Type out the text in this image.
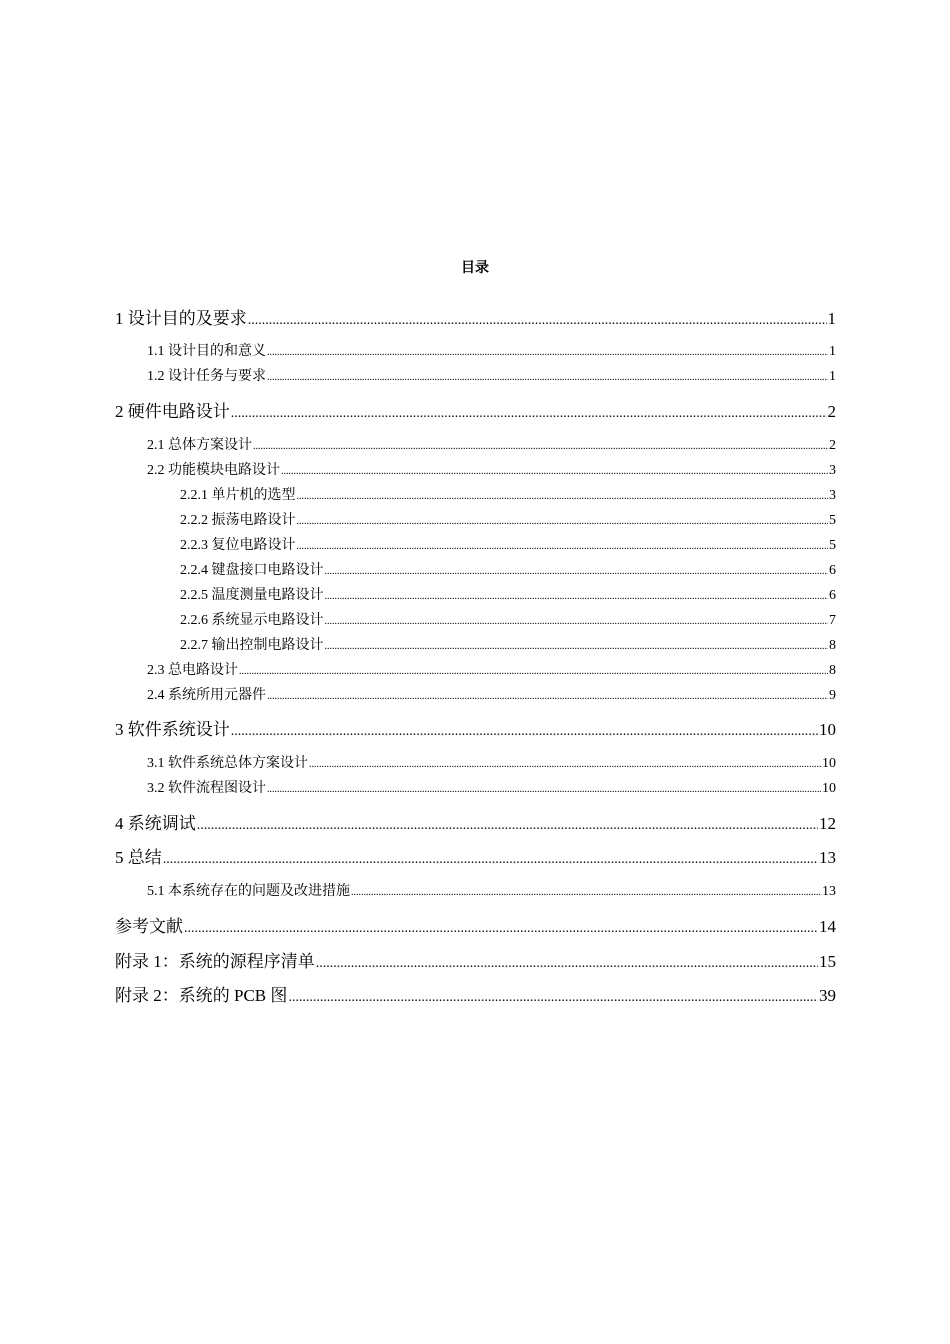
目录
1 设计目的及要求 .....	1
1.1 设计目的和意义 .....	1
1.2 设计任务与要求 .....	1
2 硬件电路设计 .....	2
2.1 总体方案设计 .....	2
2.2 功能模块电路设计 .....	3
2.2.1 单片机的选型 .....	3
2.2.2 振荡电路设计 .....	5
2.2.3 复位电路设计 .....	5
2.2.4 键盘接口电路设计 .....	6
2.2.5 温度测量电路设计 .....	6
2.2.6 系统显示电路设计 .....	7
2.2.7 输出控制电路设计 .....	8
2.3 总电路设计 .....	8
2.4 系统所用元器件 .....	9
3 软件系统设计 .....	10
3.1 软件系统总体方案设计 .....	10
3.2 软件流程图设计 .....	10
4 系统调试 .....	12
5 总结 .....	13
5.1 本系统存在的问题及改进措施 .....	13
参考文献 .....	14
附录 1：系统的源程序清单 .....	15
附录 2：系统的 PCB 图 .....	39
